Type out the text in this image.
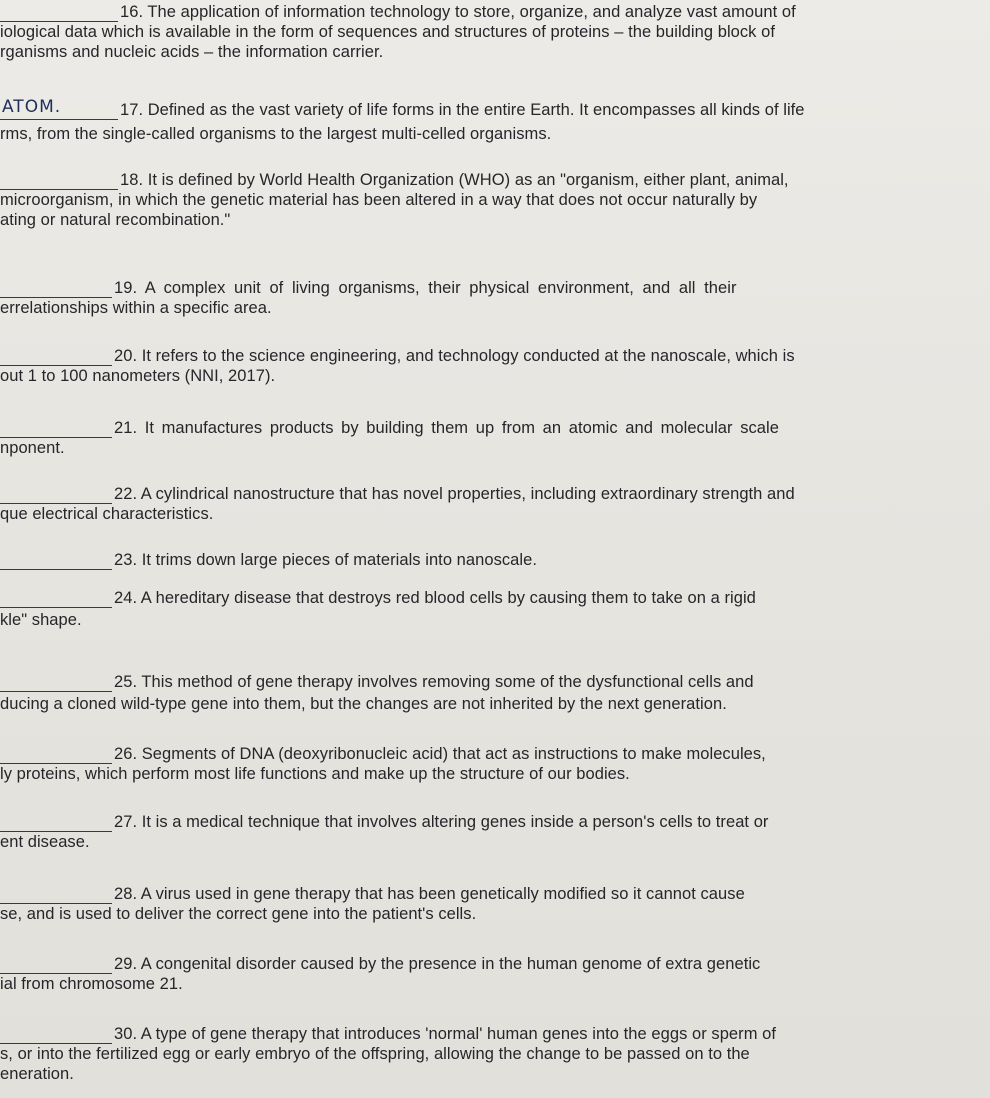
16. The application of information technology to store, organize, and analyze vast amount of
iological data which is available in the form of sequences and structures of proteins – the building block of
rganisms and nucleic acids – the information carrier.
ATOM.	17. Defined as the vast variety of life forms in the entire Earth. It encompasses all kinds of life
rms, from the single-called organisms to the largest multi-celled organisms.
18. It is defined by World Health Organization (WHO) as an "organism, either plant, animal,
microorganism, in which the genetic material has been altered in a way that does not occur naturally by
ating or natural recombination."
19. A complex unit of living organisms, their physical environment, and all their
errelationships within a specific area.
20. It refers to the science engineering, and technology conducted at the nanoscale, which is
out 1 to 100 nanometers (NNI, 2017).
21. It manufactures products by building them up from an atomic and molecular scale
nponent.
22. A cylindrical nanostructure that has novel properties, including extraordinary strength and
que electrical characteristics.
23. It trims down large pieces of materials into nanoscale.
24. A hereditary disease that destroys red blood cells by causing them to take on a rigid
kle" shape.
25. This method of gene therapy involves removing some of the dysfunctional cells and
ducing a cloned wild-type gene into them, but the changes are not inherited by the next generation.
26. Segments of DNA (deoxyribonucleic acid) that act as instructions to make molecules,
ly proteins, which perform most life functions and make up the structure of our bodies.
27. It is a medical technique that involves altering genes inside a person's cells to treat or
ent disease.
28. A virus used in gene therapy that has been genetically modified so it cannot cause
se, and is used to deliver the correct gene into the patient's cells.
29. A congenital disorder caused by the presence in the human genome of extra genetic
ial from chromosome 21.
30. A type of gene therapy that introduces 'normal' human genes into the eggs or sperm of
s, or into the fertilized egg or early embryo of the offspring, allowing the change to be passed on to the
eneration.
